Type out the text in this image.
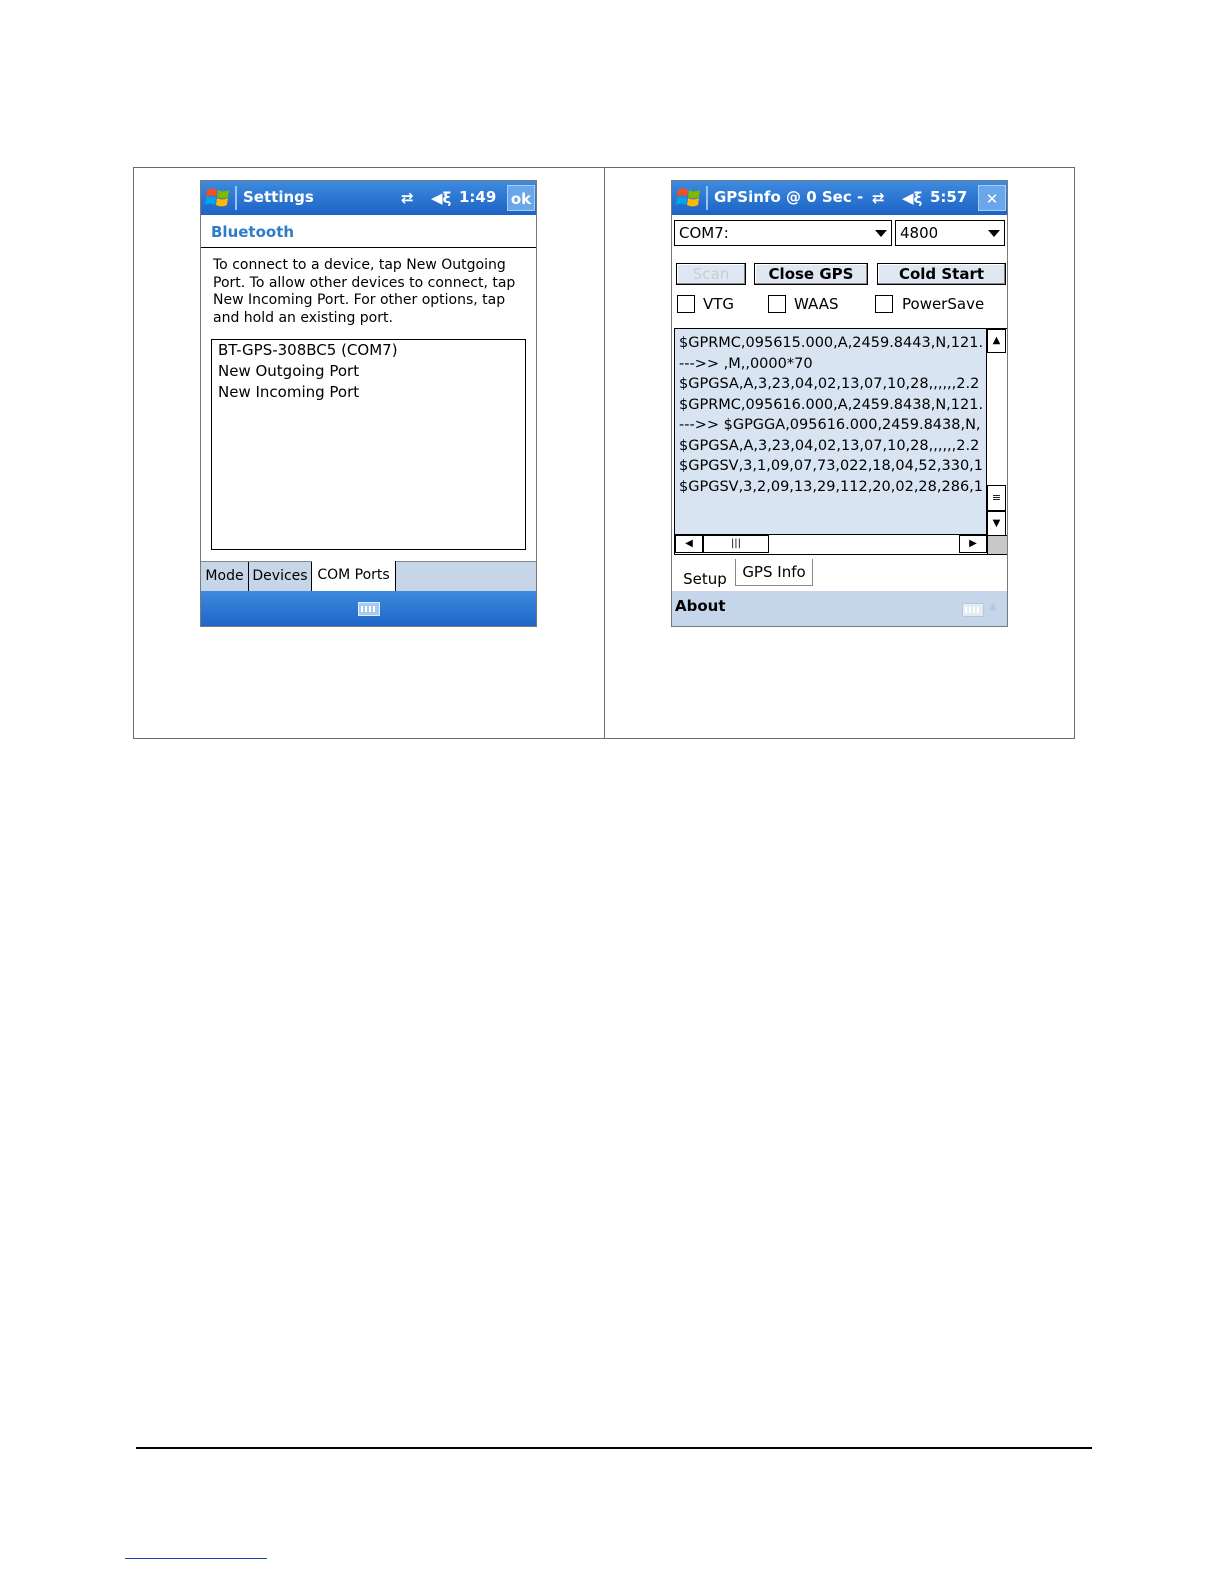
Settings	⇄ ◀ξ 1:49 ok
Bluetooth
To connect to a device, tap New Outgoing Port. To allow other devices to connect, tap New Incoming Port. For other options, tap and hold an existing port.
BT-GPS-308BC5 (COM7)
New Outgoing Port
New Incoming Port
Mode Devices COM Ports
GPSinfo @ 0 Sec - ⇄ ◀ξ 5:57	✕
COM7:	4800
Scan	Close GPS	Cold Start
VTG	WAAS	PowerSave
$GPRMC,095615.000,A,2459.8443,N,121.
--->> ,M,,0000*70
$GPGSA,A,3,23,04,02,13,07,10,28,,,,,,2.2
$GPRMC,095616.000,A,2459.8438,N,121.
--->> $GPGGA,095616.000,2459.8438,N,
$GPGSA,A,3,23,04,02,13,07,10,28,,,,,,2.2
$GPGSV,3,1,09,07,73,022,18,04,52,330,1
$GPGSV,3,2,09,13,29,112,20,02,28,286,1
▲
≡
▼
◀	|||	▶
Setup	GPS Info
About	▲
